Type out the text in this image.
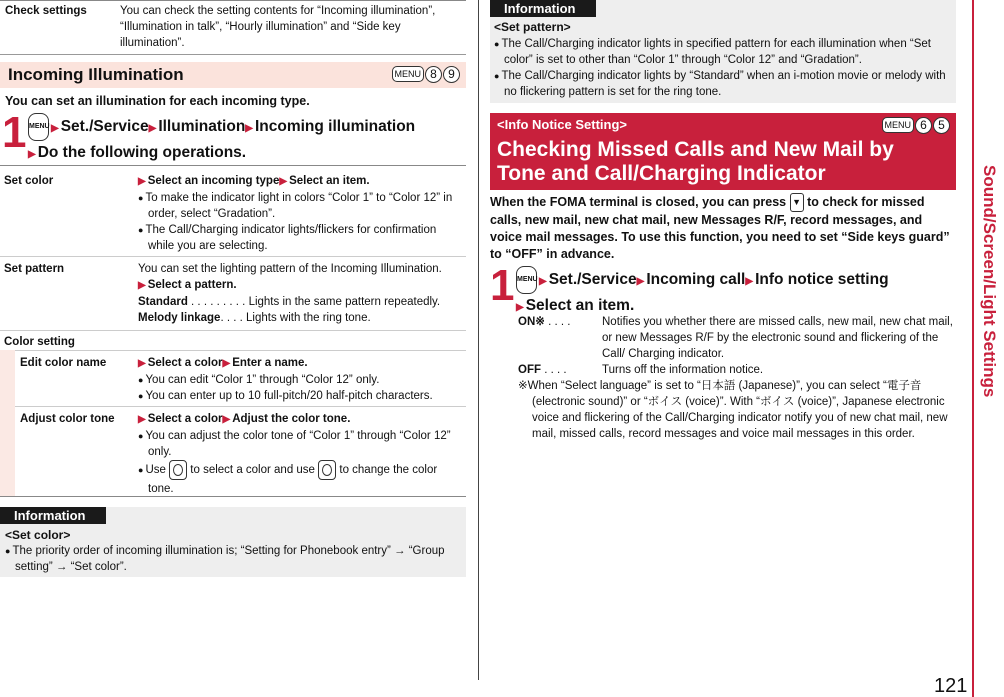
Check settings	You can check the setting contents for “Incoming illumination”, “Illumination in talk”, “Hourly illumination” and “Side key illumination”.
Incoming Illumination	MENU 8 9
You can set an illumination for each incoming type.
1 MENU ▶ Set./Service ▶ Illumination ▶ Incoming illumination
▶ Do the following operations.
Set color ▶	Select an incoming type ▶ Select an item.
● To make the indicator light in colors “Color 1” to “Color 12” in order, select “Gradation”.
● The Call/Charging indicator lights/flickers for confirmation while you are selecting.
Set pattern	You can set the lighting pattern of the Incoming Illumination.
▶ Select a pattern.
Standard . . . . . . . . . Lights in the same pattern repeatedly.
Melody linkage. . . . Lights with the ring tone.
Color setting
Edit color name ▶	Select a color ▶ Enter a name.
● You can edit “Color 1” through “Color 12” only.
● You can enter up to 10 full-pitch/20 half-pitch characters.
Adjust color tone ▶	Select a color ▶ Adjust the color tone.
● You can adjust the color tone of “Color 1” through “Color 12” only.
● Use to select a color and use to change the color tone.
Information
<Set color>
● The priority order of incoming illumination is; “Setting for Phonebook entry” → “Group setting” → “Set color”.
Information
<Set pattern>
● The Call/Charging indicator lights in specified pattern for each illumination when “Set color” is set to other than “Color 1” through “Color 12” and “Gradation”.
● The Call/Charging indicator lights by “Standard” when an i-motion movie or melody with no flickering pattern is set for the ring tone.
<Info Notice Setting>	MENU 6 5
Checking Missed Calls and New Mail by
Tone and Call/Charging Indicator
When the FOMA terminal is closed, you can press ▼ to check for missed calls, new mail, new chat mail, new Messages R/F, record messages, and voice mail messages. To use this function, you need to set “Side keys guard” to “OFF” in advance.
1 MENU ▶ Set./Service ▶ Incoming call ▶ Info notice setting
▶ Select an item.
ON※ . . . .	Notifies you whether there are missed calls, new mail, new chat mail, or new Messages R/F by the electronic sound and flickering of the Call/ Charging indicator.
OFF . . . .	Turns off the information notice.
※When “Select language” is set to “日本語 (Japanese)”, you can select “電子音 (electronic sound)” or “ボイス (voice)”. With “ボイス (voice)”, Japanese electronic voice and flickering of the Call/Charging indicator notify you of new chat mail, new mail, missed calls, record messages and voice mail messages in this order.
Sound/Screen/Light Settings
121
